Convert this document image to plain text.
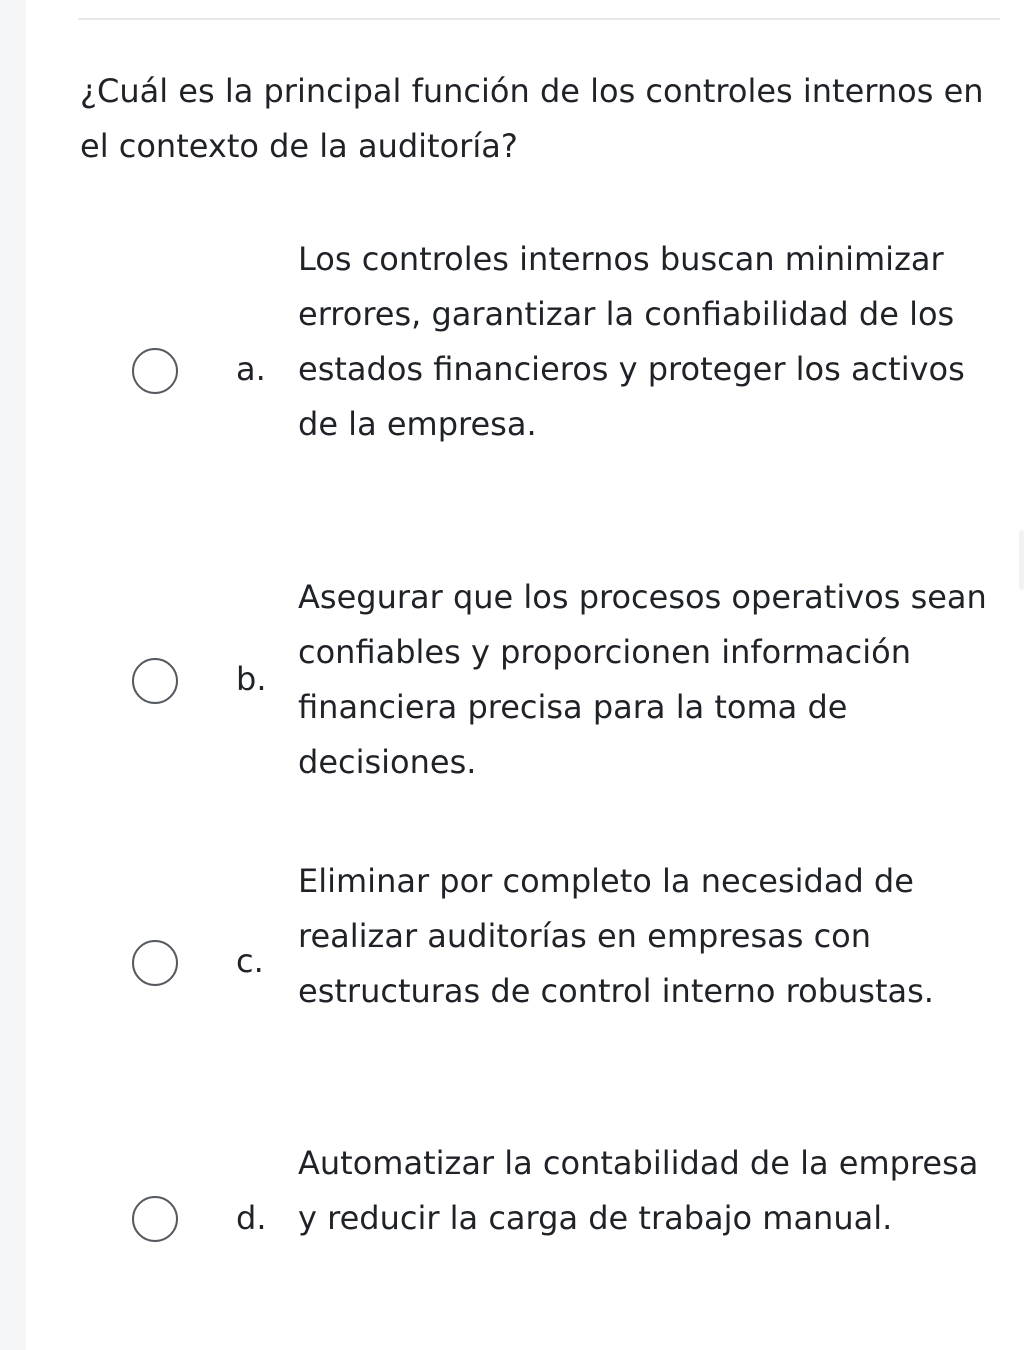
¿Cuál es la principal función de los controles internos en el contexto de la auditoría?
a.
Los controles internos buscan minimizar errores, garantizar la confiabilidad de los estados financieros y proteger los activos de la empresa.
b.
Asegurar que los procesos operativos sean confiables y proporcionen información financiera precisa para la toma de decisiones.
c.
Eliminar por completo la necesidad de realizar auditorías en empresas con estructuras de control interno robustas.
d.
Automatizar la contabilidad de la empresa y reducir la carga de trabajo manual.
